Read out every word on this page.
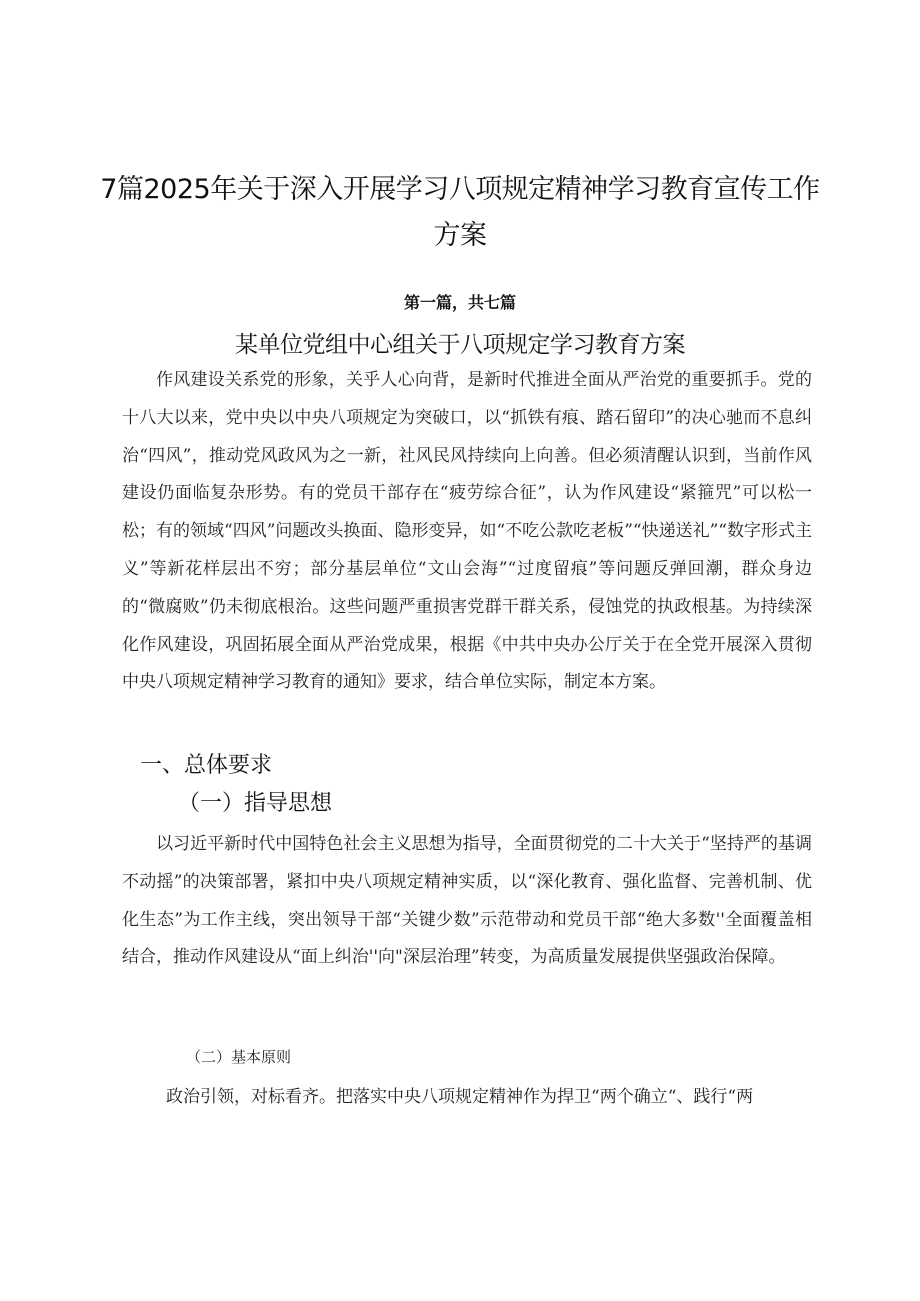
7篇2025年关于深入开展学习八项规定精神学习教育宣传工作
方案

第一篇，共七篇

某单位党组中心组关于八项规定学习教育方案

作风建设关系党的形象，关乎人心向背，是新时代推进全面从严治党的重要抓手。党的十八大以来，党中央以中央八项规定为突破口，以“抓铁有痕、踏石留印”的决心驰而不息纠治“四风”，推动党风政风为之一新，社风民风持续向上向善。但必须清醒认识到，当前作风建设仍面临复杂形势。有的党员干部存在“疲劳综合征”，认为作风建设“紧箍咒”可以松一松；有的领域“四风”问题改头换面、隐形变异，如“不吃公款吃老板”“快递送礼”“数字形式主义”等新花样层出不穷；部分基层单位“文山会海”“过度留痕”等问题反弹回潮，群众身边的“微腐败”仍未彻底根治。这些问题严重损害党群干群关系，侵蚀党的执政根基。为持续深化作风建设，巩固拓展全面从严治党成果，根据《中共中央办公厅关于在全党开展深入贯彻中央八项规定精神学习教育的通知》要求，结合单位实际，制定本方案。

一、总体要求
（一）指导思想

以习近平新时代中国特色社会主义思想为指导，全面贯彻党的二十大关于“坚持严的基调不动摇”的决策部署，紧扣中央八项规定精神实质，以“深化教育、强化监督、完善机制、优化生态”为工作主线，突出领导干部“关键少数”示范带动和党员干部“绝大多数''全面覆盖相结合，推动作风建设从“面上纠治''向"深层治理”转变，为高质量发展提供坚强政治保障。

（二）基本原则

政治引领，对标看齐。把落实中央八项规定精神作为捍卫“两个确立“、践行“两
